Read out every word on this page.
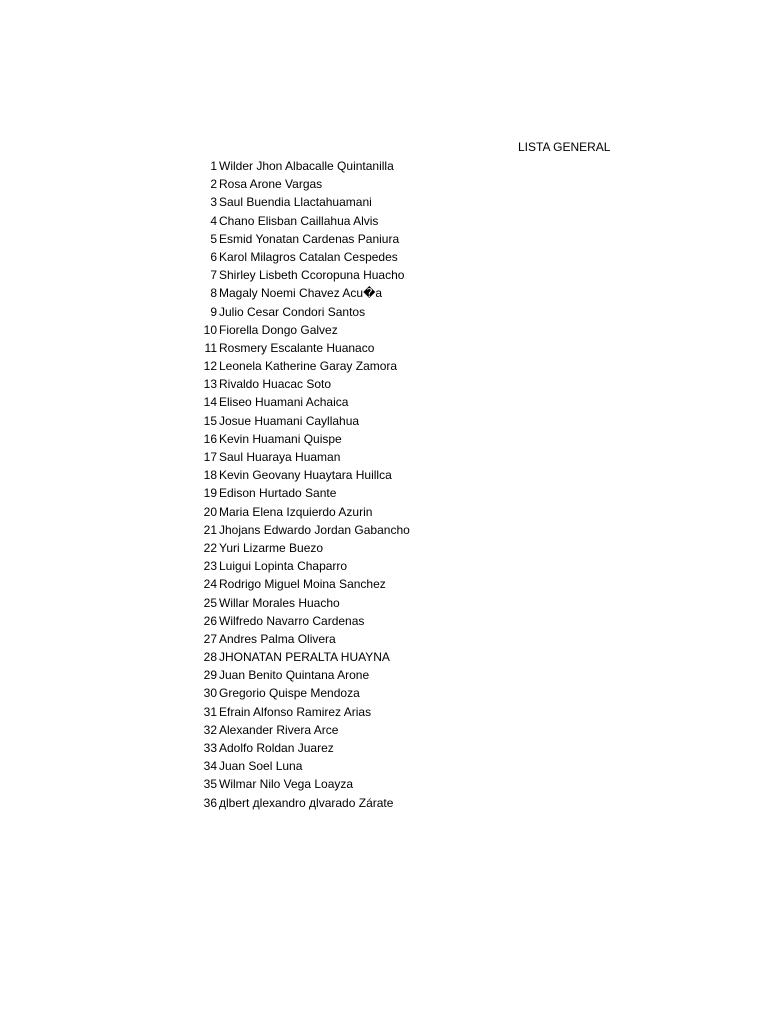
LISTA GENERAL
1 Wilder Jhon Albacalle Quintanilla
2 Rosa Arone Vargas
3 Saul Buendia Llactahuamani
4 Chano Elisban Caillahua Alvis
5 Esmid Yonatan Cardenas Paniura
6 Karol Milagros Catalan Cespedes
7 Shirley Lisbeth Ccoropuna Huacho
8 Magaly Noemi Chavez Acu�a
9 Julio Cesar Condori Santos
10 Fiorella Dongo Galvez
11 Rosmery Escalante Huanaco
12 Leonela Katherine Garay Zamora
13 Rivaldo Huacac Soto
14 Eliseo Huamani Achaica
15 Josue Huamani Cayllahua
16 Kevin Huamani Quispe
17 Saul Huaraya Huaman
18 Kevin Geovany Huaytara Huillca
19 Edison Hurtado Sante
20 Maria Elena Izquierdo Azurin
21 Jhojans Edwardo Jordan Gabancho
22 Yuri Lizarme Buezo
23 Luigui Lopinta Chaparro
24 Rodrigo Miguel Moina Sanchez
25 Willar Morales Huacho
26 Wilfredo Navarro Cardenas
27 Andres Palma Olivera
28 JHONATAN PERALTA HUAYNA
29 Juan Benito Quintana Arone
30 Gregorio Quispe Mendoza
31 Efrain Alfonso Ramirez Arias
32 Alexander Rivera Arce
33 Adolfo Roldan Juarez
34 Juan Soel Luna
35 Wilmar Nilo Vega Loayza
36 дlbert дlexandro дlvarado Zárate
